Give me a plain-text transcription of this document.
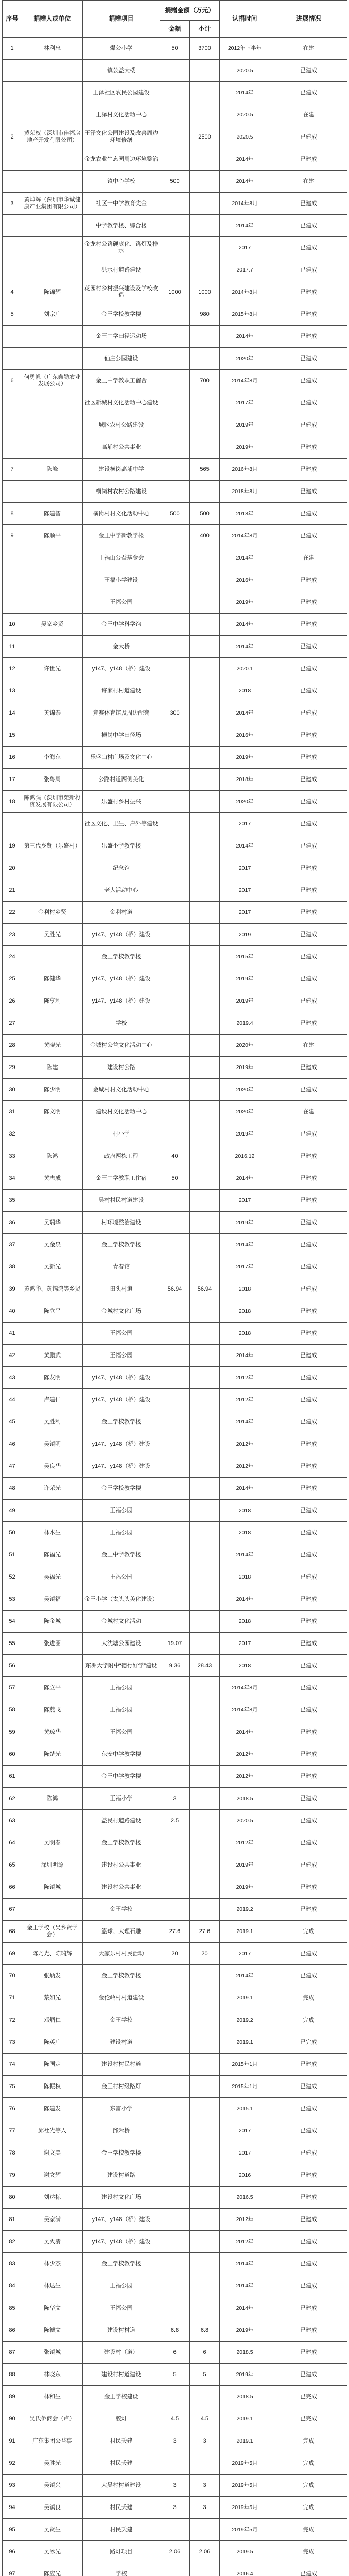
序号	捐赠人或单位	捐赠项目	捐赠金额（万元）		认捐时间	进展情况
			金额	小计		
1	林利忠	爆公小学	50	3700	2012年下半年	在建
		镇公益大楼			2020.5	已建成
		王泽社区农民公园建设			2014年	已建成
		王泽村文化活动中心			2020.5	在建
2	黄荣权（深圳市佳福房地产开发有限公司）	王泽文化公园建设及改善周边环境修缮		2500	2020.5	已建成
		金龙农业生态园周边环境整治			2014年	已建成
		镇中心学校	500		2014年	在建
3	黄焯辉（深圳市华诚健康产业集团有限公司）	社区一中学教育奖金			2014年8月	已建成
		中学教学楼、综合楼			2014年	已建成
		金龙村公路硬底化、路灯及排水			2017	已建成
		洪水村道路建设			2017.7	已建成
4	陈锦辉	花园村乡村振兴建设及学校改造	1000	1000	2014年8月	已建成
5	刘宗广	金王学校教学楼		980	2015年8月	已建成
		金王中学田径运动场			2014年	已建成
		仙庄公园建设			2020年	已建成
6	何勇帆（广东鑫勤农业发展公司）	金王中学教职工宿舍		700	2014年8月	已建成
		社区新城村文化活动中心建设			2017年	已建成
		城区农村公路建设			2019年	已建成
		高埔村公共事业			2019年	已建成
7	陈峰	建设横岗高埔中学		565	2016年8月	已建成
		横岗村农村公路建设			2018年8月	已建成
8	陈建智	横岗村村文化活动中心	500	500	2018年	已建成
9	陈顺平	金王中学新教学楼		400	2014年8月	已建成
		王福山公益基金会			2014年	在建
		王福小学建设			2016年	已建成
		王福公园			2019年	已建成
10	吴家乡贤	金王中学科学馆			2014年	已建成
11		金大桥			2014年	已建成
12	许世先	y147、y148（桥）建设			2020.1	已建成
13		许家村村道建设			2018	已建成
14	黄锦泰	竞赛体育馆及周边配套	300		2014年	已建成
15		横岗中学田径场			2016年	已建成
16	李海东	乐盛山村广场及文化中心			2019年	已建成
17	张粤周	公路村道两侧美化			2018年	已建成
18	陈鸿强（深圳市荣新投资发展有限公司）	乐盛村乡村振兴			2020年	已建成
		社区文化、卫生、户外等建设			2017	已建成
19	第三代乡贤（乐盛村）	乐盛小学教学楼			2014年	已建成
20		纪念馆			2017	已建成
21		老人活动中心			2017	已建成
22	金利村乡贤	金利村道			2017	已建成
23	吴胜光	y147、y148（桥）建设			2019	已建成
24		金王学校教学楼			2015年	已建成
25	陈健华	y147、y148（桥）建设			2019年	已建成
26	陈亨利	y147、y148（桥）建设			2019年	已建成
27		学校			2019.4	已建成
28	黄晓光	金城村公益文化活动中心			2020年	在建
29	陈建	建设村公路			2019年	已建成
30	陈少明	金城村村文化活动中心			2020年	已建成
31	陈文明	建设村文化活动中心			2020年	在建
32		村小学			2019年	已建成
33	陈鸿	政府两栋工程	40		2016.12	已建成
34	黄志成	金王中学教职工住宿	50		2014年	已建成
35		吴村村民村道建设			2017	已建成
36	吴瑞华	村环境整治建设			2019年	已建成
37	吴金泉	金王学校教学楼			2014年	已建成
38	吴新光	青春馆			2017年	已建成
39	黄鸿华、黄锦鸿等乡贤	田头村道	56.94	56.94	2018	已建成
40	陈立平	金城村文化广场			2018	已建成
41		王福公园			2018	已建成
42	黄鹏武	王福公园			2014年	已建成
43	陈友明	y147、y148（桥）建设			2012年	已建成
44	卢建仁	y147、y148（桥）建设			2012年	已建成
45	吴胜利	金王学校教学楼			2014年	已建成
46	吴镇明	y147、y148（桥）建设			2012年	已建成
47	吴良华	y147、y148（桥）建设			2012年	已建成
48	许荣光	金王学校教学楼			2014年	已建成
49		王福公园			2018	已建成
50	林木生	王福公园			2018	已建成
51	陈福光	金王中学教学楼			2014年	已建成
52	吴福光	王福公园			2018	已建成
53	吴镇福	金王小学（太头头美化建设）			2014年	已建成
54	陈金城	金城村文化活动			2018	已建成
55	张进圈	大沈塘公园建设	19.07		2017	已建成
56		东洲大学附中“德行好学”建设	9.36	28.43	2018	已建成
57	陈立平	王福公园			2014年8月	已建成
58	陈燕飞	王福公园			2014年8月	已建成
59	黄琼华	王福公园			2014年	已建成
60	陈楚光	东安中学教学楼			2012年	已建成
61		金王中学教学楼			2012年	已建成
62	陈鸿	王福小学	3		2018.5	已建成
63		益民村道路建设	2.5		2020.5	已建成
64	吴明春	金王学校教学楼			2012年	已建成
65	深圳明源	建设村公共事业			2019年	已建成
66	陈镇城	建设村公共事业			2019年	已建成
67		金王学校			2019.2	已建成
68	金王学校（吴乡贤学会）	篮球、大理石雕	27.6	27.6	2019.1	完成
69	陈乃光、陈瑞辉	大家乐村村民活动	20	20	2017	已建成
70	张炳发	金王学校教学楼			2014年	已建成
71	蔡如光	金伦岭村村道建设			2019.1	完成
72	邓炳仁	金王学校			2019.2	完成
73	陈英广	建设村道			2019.1	已完成
74	陈国定	建设村村民村道			2015年1月	已建成
75	陈振权	金王村村级路灯			2015年1月	已建成
76	陈建发	东雷小学			2015.1	已建成
77	邱社光等人	邱禾桥			2017	已建成
78	谢文美	金王学校教学楼			2017	已建成
79	谢文辉	建设村道路			2016	已建成
80	刘达标	建设村文化广场			2016.5	已建成
81	吴家满	y147、y148（桥）建设			2012年	已建成
82	吴火清	y147、y148（桥）建设			2012年	已建成
83	林少杰	金王学校教学楼			2014年	已建成
84	林达生	王福公园			2014年	已建成
85	陈华文	王福公园			2014年	已建成
86	陈德文	建设村村道	6.8	6.8	2019年	已建成
87	张镇城	建设村（道）	6	6	2018.5	已建成
88	林晓东	建设村村道建设	5	5	2019年	已建成
89	林和生	金王学校建设			2018.5	已完成
90	吴氏侨商会（卢）	胶灯	4.5	4.5	2019.1	已完成
91	广东集团公益事	村民夭建	3	3	2019.1	完成
92	吴胜光	村民夭建			2019年5月	完成
93	吴镇兴	大吴村村道建设	3	3	2019年5月	完成
94	吴镇良	村民夭建	3	3	2019年5月	完成
95	吴贤生	村民夭建			2019年5月	完成
96	吴冰先	路灯项目	2.06	2.06	2019.5	完成
97	陈应光	学校			2016.4	已建成
